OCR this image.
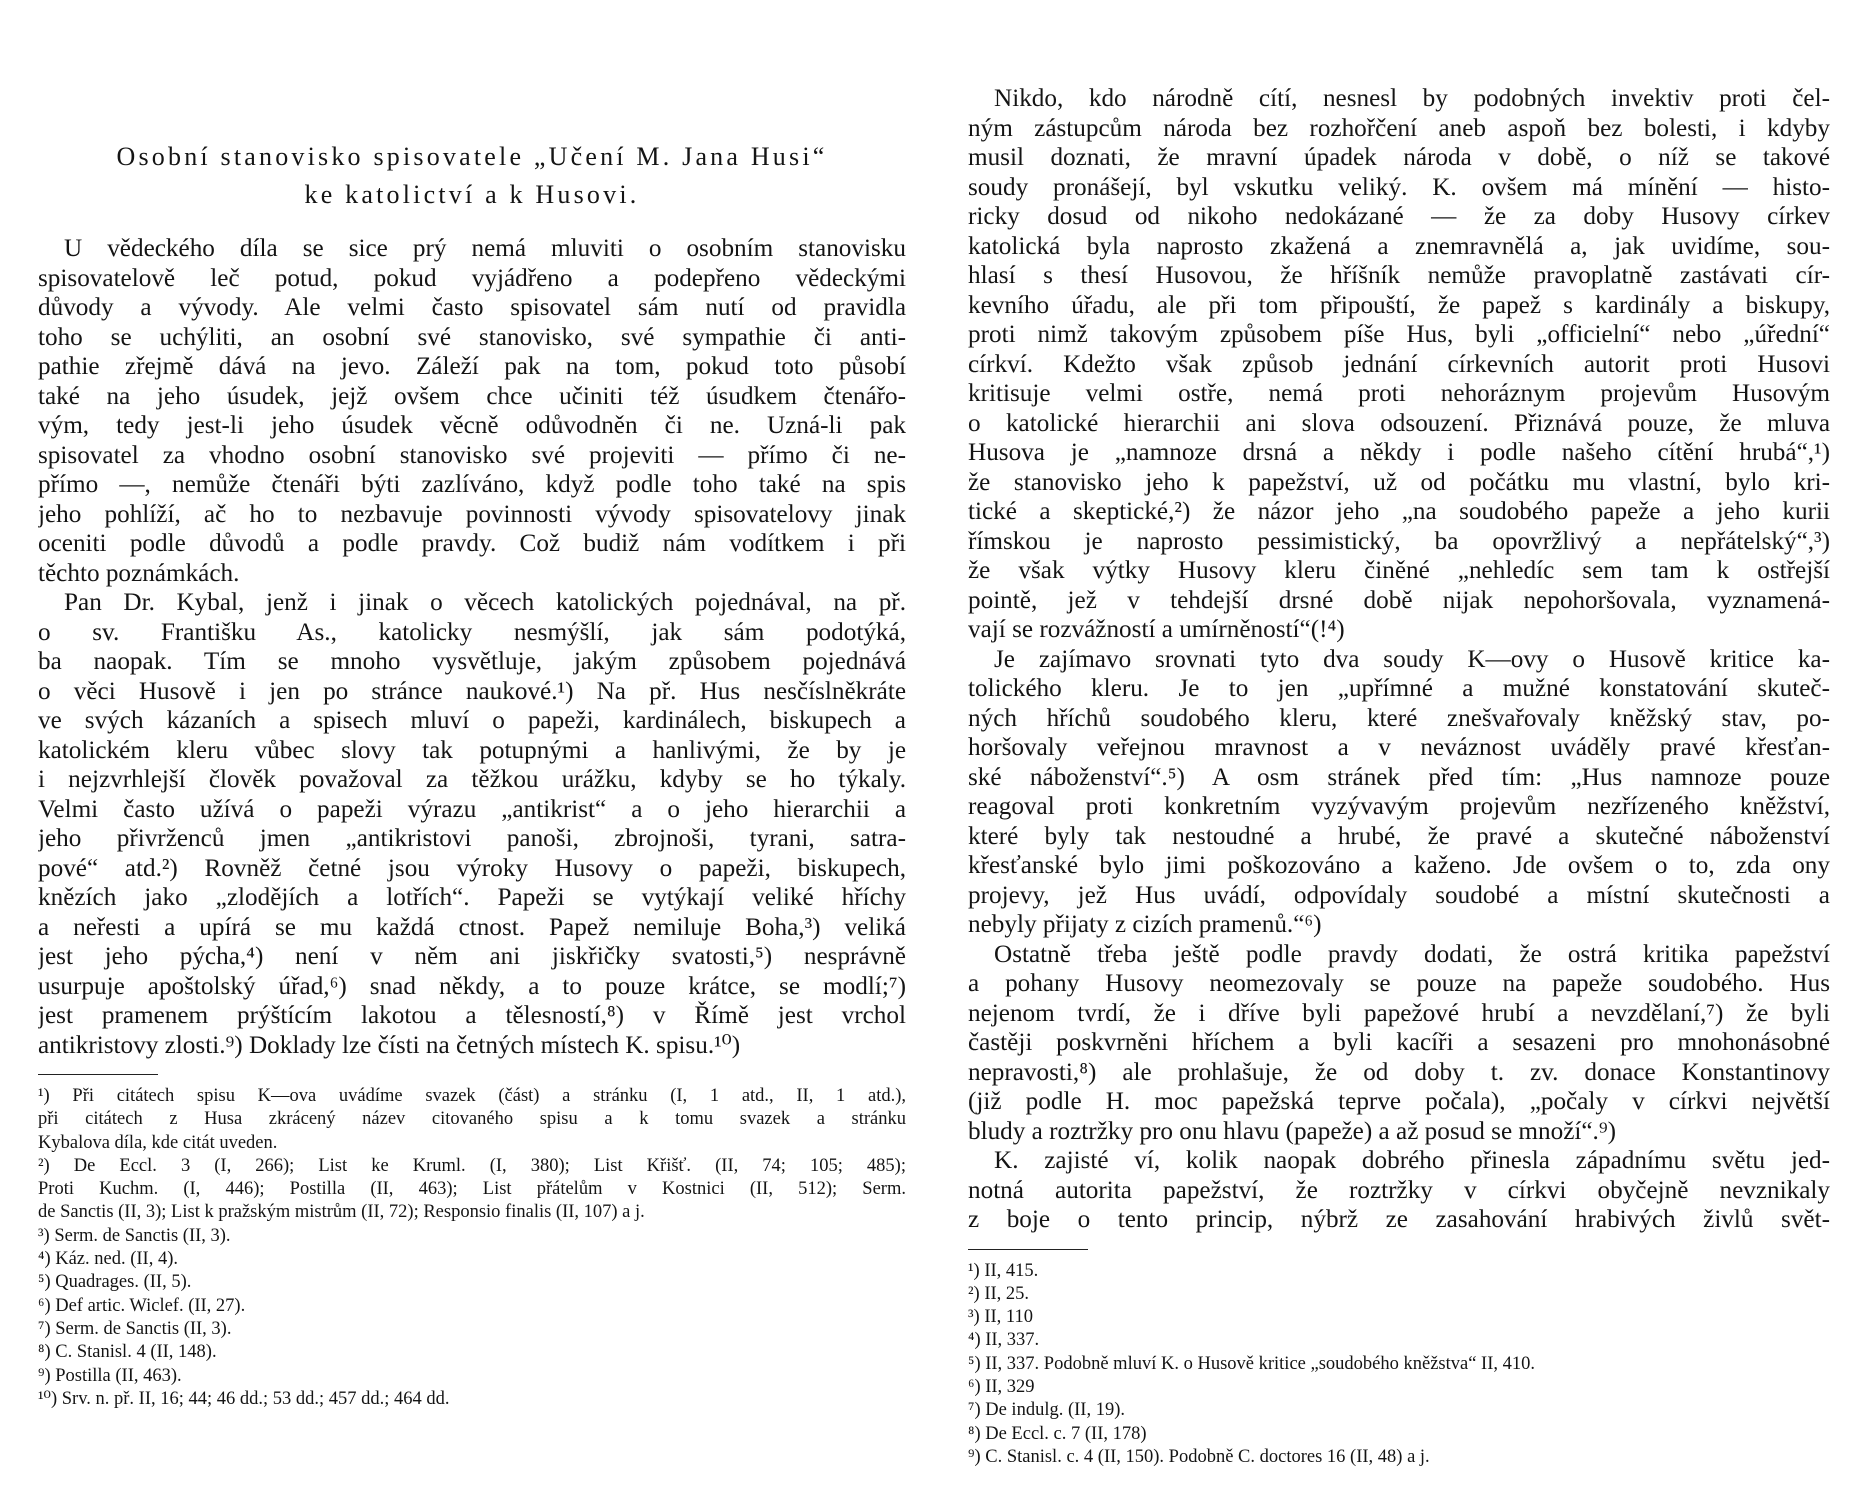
Osobní stanovisko spisovatele „Učení M. Jana Husi“
ke katolictví a k Husovi.
U vědeckého díla se sice prý nemá mluviti o osobním stanovisku
spisovatelově leč potud, pokud vyjádřeno a podepřeno vědeckými
důvody a vývody. Ale velmi často spisovatel sám nutí od pravidla
toho se uchýliti, an osobní své stanovisko, své sympathie či anti-
pathie zřejmě dává na jevo. Záleží pak na tom, pokud toto působí
také na jeho úsudek, jejž ovšem chce učiniti též úsudkem čtenářo-
vým, tedy jest-li jeho úsudek věcně odůvodněn či ne. Uzná-li pak
spisovatel za vhodno osobní stanovisko své projeviti — přímo či ne-
přímo —, nemůže čtenáři býti zazlíváno, když podle toho také na spis
jeho pohlíží, ač ho to nezbavuje povinnosti vývody spisovatelovy jinak
oceniti podle důvodů a podle pravdy. Což budiž nám vodítkem i při
těchto poznámkách.
Pan Dr. Kybal, jenž i jinak o věcech katolických pojednával, na př.
o sv. Františku As., katolicky nesmýšlí, jak sám podotýká,
ba naopak. Tím se mnoho vysvětluje, jakým způsobem pojednává
o věci Husově i jen po stránce naukové.¹) Na př. Hus nesčíslněkráte
ve svých kázaních a spisech mluví o papeži, kardinálech, biskupech a
katolickém kleru vůbec slovy tak potupnými a hanlivými, že by je
i nejzvrhlejší člověk považoval za těžkou urážku, kdyby se ho týkaly.
Velmi často užívá o papeži výrazu „antikrist“ a o jeho hierarchii a
jeho přivrženců jmen „antikristovi panoši, zbrojnoši, tyrani, satra-
pové“ atd.²) Rovněž četné jsou výroky Husovy o papeži, biskupech,
knězích jako „zlodějích a lotřích“. Papeži se vytýkají veliké hříchy
a neřesti a upírá se mu každá ctnost. Papež nemiluje Boha,³) veliká
jest jeho pýcha,⁴) není v něm ani jiskřičky svatosti,⁵) nesprávně
usurpuje apoštolský úřad,⁶) snad někdy, a to pouze krátce, se modlí;⁷)
jest pramenem prýštícím lakotou a tělesností,⁸) v Římě jest vrchol
antikristovy zlosti.⁹) Doklady lze čísti na četných místech K. spisu.¹⁰)
¹) Při citátech spisu K—ova uvádíme svazek (část) a stránku (I, 1 atd., II, 1 atd.),
při citátech z Husa zkrácený název citovaného spisu a k tomu svazek a stránku
Kybalova díla, kde citát uveden.
²) De Eccl. 3 (I, 266); List ke Kruml. (I, 380); List Křišť. (II, 74; 105; 485);
Proti Kuchm. (I, 446); Postilla (II, 463); List přátelům v Kostnici (II, 512); Serm.
de Sanctis (II, 3); List k pražským mistrům (II, 72); Responsio finalis (II, 107) a j.
³) Serm. de Sanctis (II, 3).
⁴) Káz. ned. (II, 4).
⁵) Quadrages. (II, 5).
⁶) Def artic. Wiclef. (II, 27).
⁷) Serm. de Sanctis (II, 3).
⁸) C. Stanisl. 4 (II, 148).
⁹) Postilla (II, 463).
¹⁰) Srv. n. př. II, 16; 44; 46 dd.; 53 dd.; 457 dd.; 464 dd.
Nikdo, kdo národně cítí, nesnesl by podobných invektiv proti čel-
ným zástupcům národa bez rozhořčení aneb aspoň bez bolesti, i kdyby
musil doznati, že mravní úpadek národa v době, o níž se takové
soudy pronášejí, byl vskutku veliký. K. ovšem má mínění — histo-
ricky dosud od nikoho nedokázané — že za doby Husovy církev
katolická byla naprosto zkažená a znemravnělá a, jak uvidíme, sou-
hlasí s thesí Husovou, že hříšník nemůže pravoplatně zastávati cír-
kevního úřadu, ale při tom připouští, že papež s kardinály a biskupy,
proti nimž takovým způsobem píše Hus, byli „officielní“ nebo „úřední“
církví. Kdežto však způsob jednání církevních autorit proti Husovi
kritisuje velmi ostře, nemá proti nehoráznym projevům Husovým
o katolické hierarchii ani slova odsouzení. Přiznává pouze, že mluva
Husova je „namnoze drsná a někdy i podle našeho cítění hrubá“,¹)
že stanovisko jeho k papežství, už od počátku mu vlastní, bylo kri-
tické a skeptické,²) že názor jeho „na soudobého papeže a jeho kurii
římskou je naprosto pessimistický, ba opovržlivý a nepřátelský“,³)
že však výtky Husovy kleru činěné „nehledíc sem tam k ostřejší
pointě, jež v tehdejší drsné době nijak nepohoršovala, vyznamená-
vají se rozvážností a umírněností“(!⁴)
Je zajímavo srovnati tyto dva soudy K—ovy o Husově kritice ka-
tolického kleru. Je to jen „upřímné a mužné konstatování skuteč-
ných hříchů soudobého kleru, které znešvařovaly kněžský stav, po-
horšovaly veřejnou mravnost a v neváznost uváděly pravé křesťan-
ské náboženství“.⁵) A osm stránek před tím: „Hus namnoze pouze
reagoval proti konkretním vyzývavým projevům nezřízeného kněžství,
které byly tak nestoudné a hrubé, že pravé a skutečné náboženství
křesťanské bylo jimi poškozováno a kaženo. Jde ovšem o to, zda ony
projevy, jež Hus uvádí, odpovídaly soudobé a místní skutečnosti a
nebyly přijaty z cizích pramenů.“⁶)
Ostatně třeba ještě podle pravdy dodati, že ostrá kritika papežství
a pohany Husovy neomezovaly se pouze na papeže soudobého. Hus
nejenom tvrdí, že i dříve byli papežové hrubí a nevzdělaní,⁷) že byli
častěji poskvrněni hříchem a byli kacíři a sesazeni pro mnohonásobné
nepravosti,⁸) ale prohlašuje, že od doby t. zv. donace Konstantinovy
(již podle H. moc papežská teprve počala), „počaly v církvi největší
bludy a roztržky pro onu hlavu (papeže) a až posud se množí“.⁹)
K. zajisté ví, kolik naopak dobrého přinesla západnímu světu jed-
notná autorita papežství, že roztržky v církvi obyčejně nevznikaly
z boje o tento princip, nýbrž ze zasahování hrabivých živlů svět-
¹) II, 415.
²) II, 25.
³) II, 110
⁴) II, 337.
⁵) II, 337. Podobně mluví K. o Husově kritice „soudobého kněžstva“ II, 410.
⁶) II, 329
⁷) De indulg. (II, 19).
⁸) De Eccl. c. 7 (II, 178)
⁹) C. Stanisl. c. 4 (II, 150). Podobně C. doctores 16 (II, 48) a j.
